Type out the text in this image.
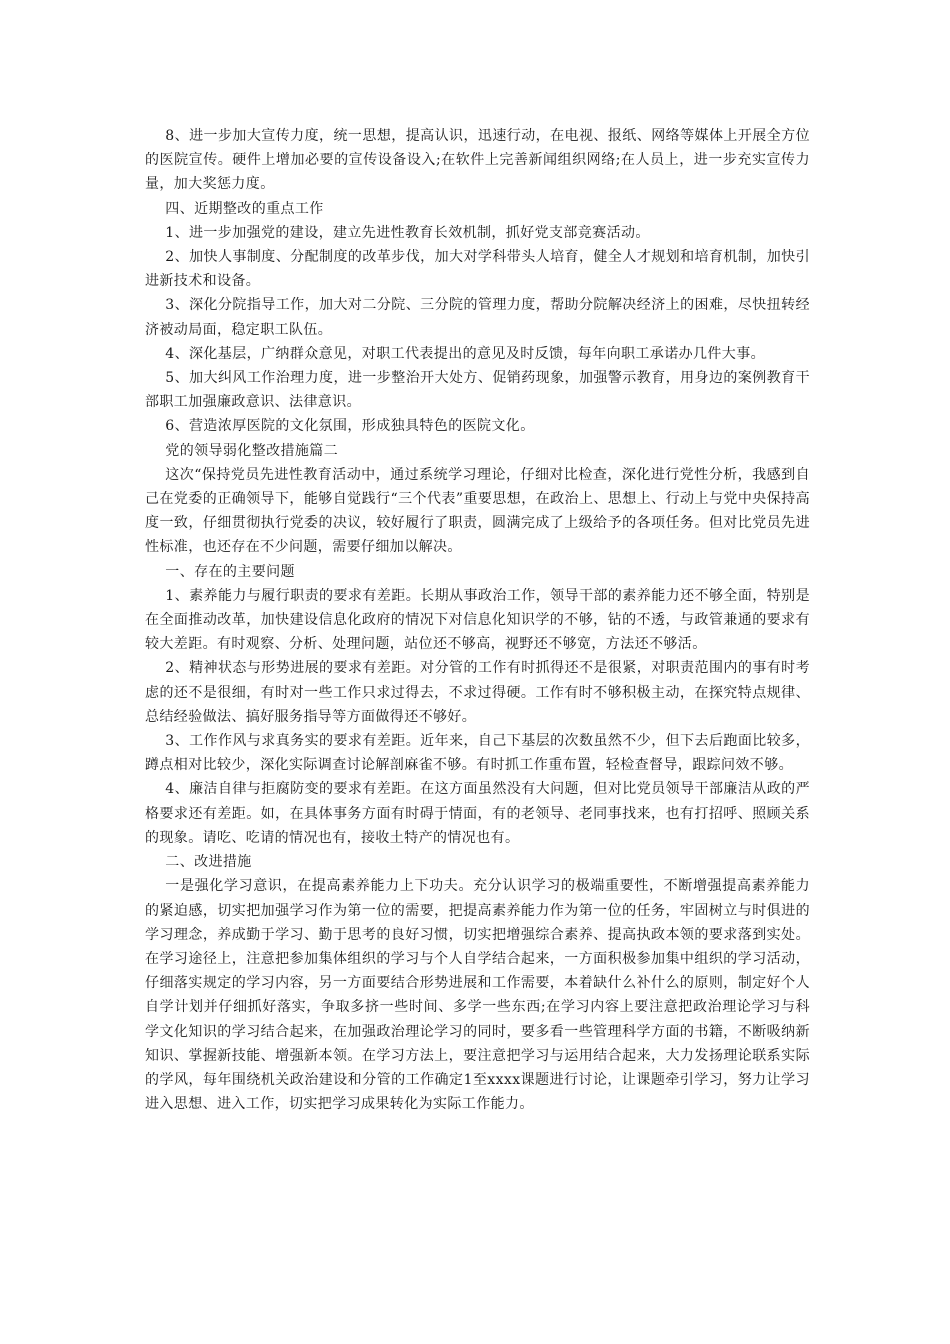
8、进一步加大宣传力度，统一思想，提高认识，迅速行动，在电视、报纸、网络等媒体上开展全方位的医院宣传。硬件上增加必要的宣传设备设入;在软件上完善新闻组织网络;在人员上，进一步充实宣传力量，加大奖惩力度。

四、近期整改的重点工作

1、进一步加强党的建设，建立先进性教育长效机制，抓好党支部竞赛活动。

2、加快人事制度、分配制度的改革步伐，加大对学科带头人培育，健全人才规划和培育机制，加快引进新技术和设备。

3、深化分院指导工作，加大对二分院、三分院的管理力度，帮助分院解决经济上的困难，尽快扭转经济被动局面，稳定职工队伍。

4、深化基层，广纳群众意见，对职工代表提出的意见及时反馈，每年向职工承诺办几件大事。

5、加大纠风工作治理力度，进一步整治开大处方、促销药现象，加强警示教育，用身边的案例教育干部职工加强廉政意识、法律意识。

6、营造浓厚医院的文化氛围，形成独具特色的医院文化。

党的领导弱化整改措施篇二

这次“保持党员先进性教育活动中，通过系统学习理论，仔细对比检查，深化进行党性分析，我感到自己在党委的正确领导下，能够自觉践行“三个代表”重要思想，在政治上、思想上、行动上与党中央保持高度一致，仔细贯彻执行党委的决议，较好履行了职责，圆满完成了上级给予的各项任务。但对比党员先进性标准，也还存在不少问题，需要仔细加以解决。

一、存在的主要问题

1、素养能力与履行职责的要求有差距。长期从事政治工作，领导干部的素养能力还不够全面，特别是在全面推动改革，加快建设信息化政府的情况下对信息化知识学的不够，钻的不透，与政管兼通的要求有较大差距。有时观察、分析、处理问题，站位还不够高，视野还不够宽，方法还不够活。

2、精神状态与形势进展的要求有差距。对分管的工作有时抓得还不是很紧，对职责范围内的事有时考虑的还不是很细，有时对一些工作只求过得去，不求过得硬。工作有时不够积极主动，在探究特点规律、总结经验做法、搞好服务指导等方面做得还不够好。

3、工作作风与求真务实的要求有差距。近年来，自己下基层的次数虽然不少，但下去后跑面比较多，蹲点相对比较少，深化实际调查讨论解剖麻雀不够。有时抓工作重布置，轻检查督导，跟踪问效不够。

4、廉洁自律与拒腐防变的要求有差距。在这方面虽然没有大问题，但对比党员领导干部廉洁从政的严格要求还有差距。如，在具体事务方面有时碍于情面，有的老领导、老同事找来，也有打招呼、照顾关系的现象。请吃、吃请的情况也有，接收土特产的情况也有。

二、改进措施

一是强化学习意识，在提高素养能力上下功夫。充分认识学习的极端重要性，不断增强提高素养能力的紧迫感，切实把加强学习作为第一位的需要，把提高素养能力作为第一位的任务，牢固树立与时俱进的学习理念，养成勤于学习、勤于思考的良好习惯，切实把增强综合素养、提高执政本领的要求落到实处。在学习途径上，注意把参加集体组织的学习与个人自学结合起来，一方面积极参加集中组织的学习活动，仔细落实规定的学习内容，另一方面要结合形势进展和工作需要，本着缺什么补什么的原则，制定好个人自学计划并仔细抓好落实，争取多挤一些时间、多学一些东西;在学习内容上要注意把政治理论学习与科学文化知识的学习结合起来，在加强政治理论学习的同时，要多看一些管理科学方面的书籍，不断吸纳新知识、掌握新技能、增强新本领。在学习方法上，要注意把学习与运用结合起来，大力发扬理论联系实际的学风，每年围绕机关政治建设和分管的工作确定1至xxxx课题进行讨论，让课题牵引学习，努力让学习进入思想、进入工作，切实把学习成果转化为实际工作能力。
